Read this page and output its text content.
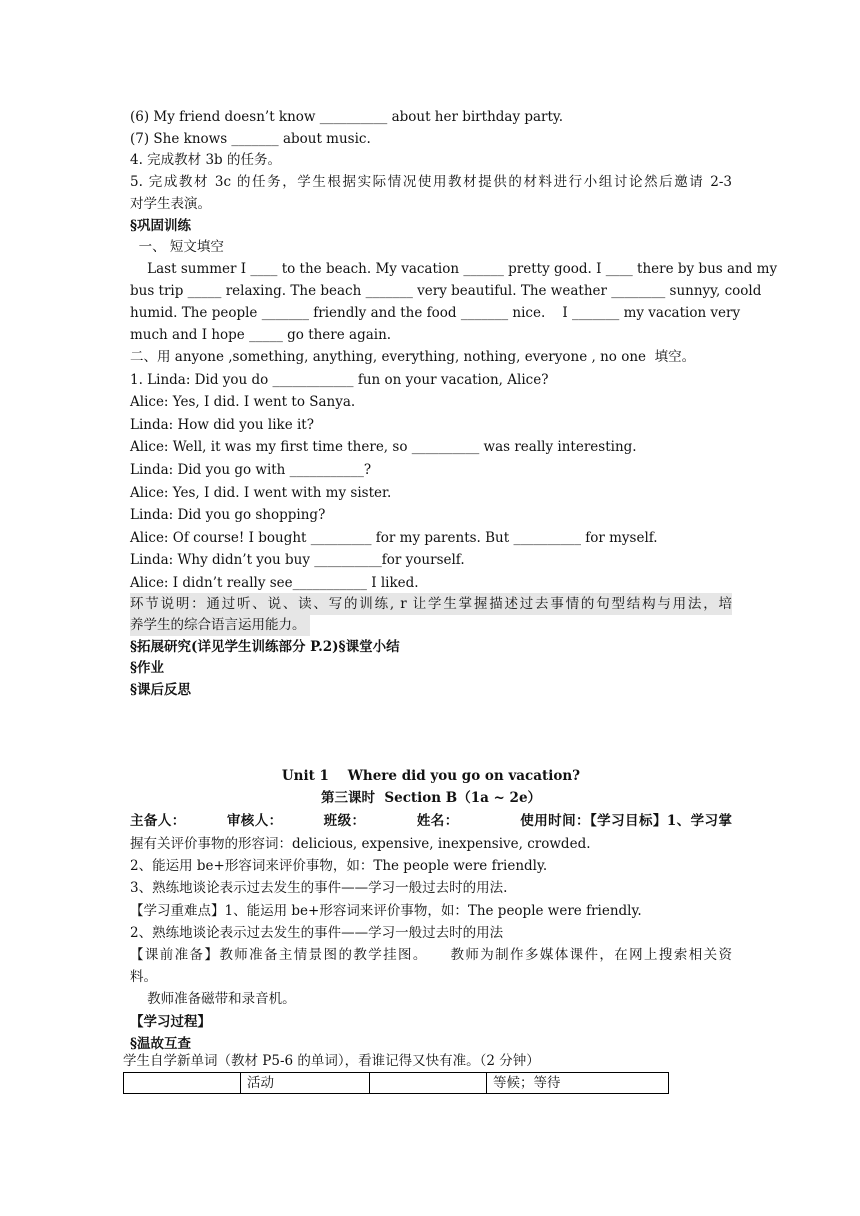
(6) My friend doesn’t know __________ about her birthday party.
(7) She knows _______ about music.
4. 完成教材 3b 的任务。
5. 完成教材 3c 的任务，学生根据实际情况使用教材提供的材料进行小组讨论然后邀请 2-3
对学生表演。
§巩固训练
一、 短文填空
Last summer I ____ to the beach. My vacation ______ pretty good. I ____ there by bus and my
bus trip _____ relaxing. The beach _______ very beautiful. The weather ________ sunnyy, coold
humid. The people _______ friendly and the food _______ nice.    I _______ my vacation very
much and I hope _____ go there again.
二、用 anyone ,something, anything, everything, nothing, everyone , no one  填空。
1. Linda: Did you do ____________ fun on your vacation, Alice?
Alice: Yes, I did. I went to Sanya.
Linda: How did you like it?
Alice: Well, it was my first time there, so __________ was really interesting.
Linda: Did you go with ___________?
Alice: Yes, I did. I went with my sister.
Linda: Did you go shopping?
Alice: Of course! I bought _________ for my parents. But __________ for myself.
Linda: Why didn’t you buy __________for yourself.
Alice: I didn’t really see___________ I liked.
环节说明：通过听、说、读、写的训练, r 让学生掌握描述过去事情的句型结构与用法，培
养学生的综合语言运用能力。
§拓展研究(详见学生训练部分 P.2)§课堂小结
§作业
§课后反思
Unit 1    Where did you go on vacation?
第三课时  Section B（1a ~ 2e）
主备人：        审核人：        班级：          姓名：            使用时间：【学习目标】1、学习掌
握有关评价事物的形容词：delicious, expensive, inexpensive, crowded.
2、能运用 be+形容词来评价事物，如：The people were friendly.
3、熟练地谈论表示过去发生的事件——学习一般过去时的用法.
【学习重难点】1、能运用 be+形容词来评价事物，如：The people were friendly.
2、熟练地谈论表示过去发生的事件——学习一般过去时的用法
【课前准备】教师准备主情景图的教学挂图。    教师为制作多媒体课件，在网上搜索相关资
料。
教师准备磁带和录音机。
【学习过程】
§温故互查
学生自学新单词（教材 P5-6 的单词），看谁记得又快有准。（2 分钟）
	活动		等候；等待
